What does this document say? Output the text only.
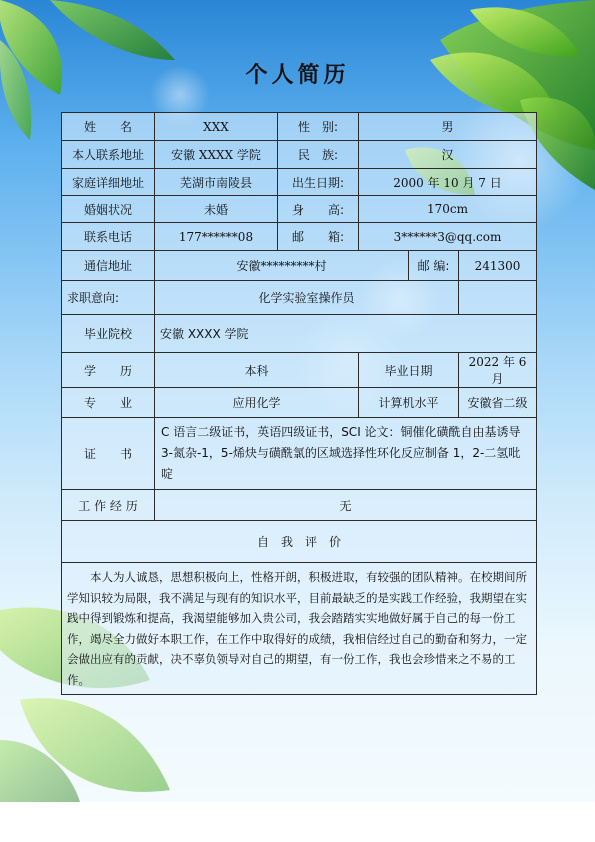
个人简历
姓　　名	XXX	性　别:	男		
本人联系地址	安徽 XXXX 学院	民　族:	汉		
家庭详细地址	芜湖市南陵县	出生日期:	2000 年 10 月 7 日		
婚姻状况	未婚	身　　高:	170cm		
联系电话	177******08	邮　　箱:	3******3@qq.com		
通信地址	安徽*********村			邮 编:	241300
求职意向:	化学实验室操作员				
毕业院校	安徽 XXXX 学院				
学　　历	本科		毕业日期		2022 年 6 月
专　　业	应用化学		计算机水平		安徽省二级
证　　书	C 语言二级证书，英语四级证书，SCI 论文：铜催化磺酰自由基诱导 3-氮杂-1，5-烯炔与磺酰氯的区域选择性环化反应制备 1，2-二氢吡啶				
工 作 经 历	无				
自　我　评　价					
本人为人诚恳，思想积极向上，性格开朗，积极进取，有较强的团队精神。在校期间所学知识较为局限，我不满足与现有的知识水平，目前最缺乏的是实践工作经验，我期望在实践中得到锻炼和提高，我渴望能够加入贵公司，我会踏踏实实地做好属于自己的每一份工作，竭尽全力做好本职工作，在工作中取得好的成绩，我相信经过自己的勤奋和努力，一定会做出应有的贡献，决不辜负领导对自己的期望，有一份工作，我也会珍惜来之不易的工作。					
